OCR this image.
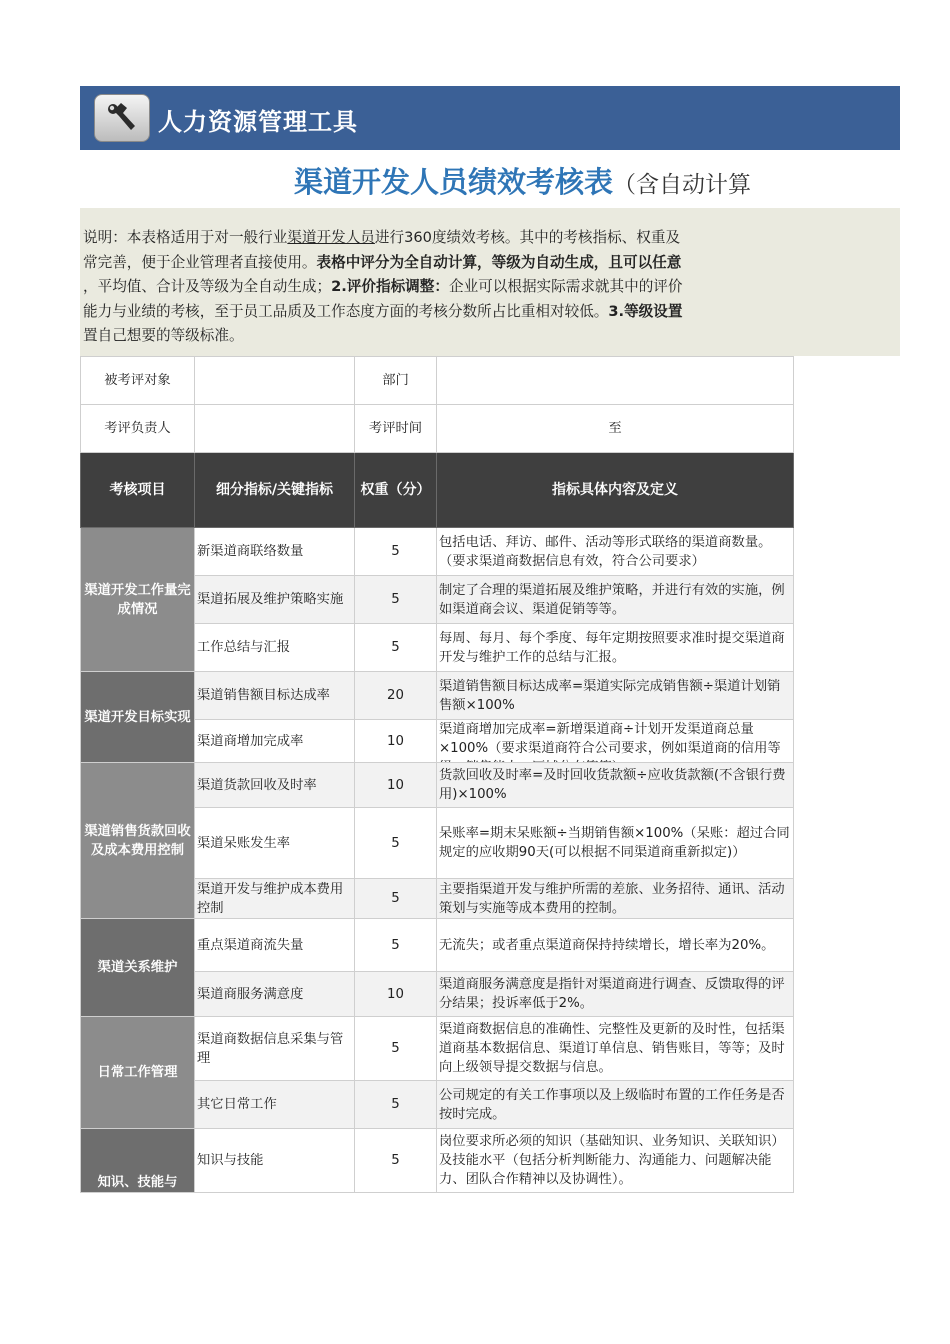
人力资源管理工具
渠道开发人员绩效考核表（含自动计算
说明：本表格适用于对一般行业渠道开发人员进行360度绩效考核。其中的考核指标、权重及
常完善，便于企业管理者直接使用。表格中评分为全自动计算，等级为自动生成，且可以任意
，平均值、合计及等级为全自动生成；2.评价指标调整：企业可以根据实际需求就其中的评价
能力与业绩的考核，至于员工品质及工作态度方面的考核分数所占比重相对较低。3.等级设置
置自己想要的等级标准。
被考评对象		部门	
考评负责人		考评时间	至
考核项目	细分指标/关键指标	权重（分）	指标具体内容及定义
渠道开发工作量完成情况	新渠道商联络数量	5	包括电话、拜访、邮件、活动等形式联络的渠道商数量。（要求渠道商数据信息有效，符合公司要求）
	渠道拓展及维护策略实施	5	制定了合理的渠道拓展及维护策略，并进行有效的实施，例如渠道商会议、渠道促销等等。
	工作总结与汇报	5	每周、每月、每个季度、每年定期按照要求准时提交渠道商开发与维护工作的总结与汇报。
渠道开发目标实现	渠道销售额目标达成率	20	渠道销售额目标达成率=渠道实际完成销售额÷渠道计划销售额×100%
	渠道商增加完成率	10	渠道商增加完成率=新增渠道商÷计划开发渠道商总量×100%（要求渠道商符合公司要求，例如渠道商的信用等

渠道销售货款回收及成本费用控制	渠道货款回收及时率	10	货款回收及时率=及时回收货款额÷应收货款额(不含银行费用)×100%
	渠道呆账发生率	5	呆账率=期末呆账额÷当期销售额×100%（呆账：超过合同规定的应收期90天(可以根据不同渠道商重新拟定)）
	渠道开发与维护成本费用控制	5	主要指渠道开发与维护所需的差旅、业务招待、通讯、活动策划与实施等成本费用的控制。
渠道关系维护	重点渠道商流失量	5	无流失；或者重点渠道商保持持续增长，增长率为20%。
	渠道商服务满意度	10	渠道商服务满意度是指针对渠道商进行调查、反馈取得的评分结果；投诉率低于2%。
日常工作管理	渠道商数据信息采集与管理	5	渠道商数据信息的准确性、完整性及更新的及时性，包括渠道商基本数据信息、渠道订单信息、销售账目，等等；及时向上级领导提交数据与信息。
	其它日常工作	5	公司规定的有关工作事项以及上级临时布置的工作任务是否按时完成。
知识、技能与	知识与技能	5	岗位要求所必须的知识（基础知识、业务知识、关联知识）及技能水平（包括分析判断能力、沟通能力、问题解决能力、团队合作精神以及协调性）。
